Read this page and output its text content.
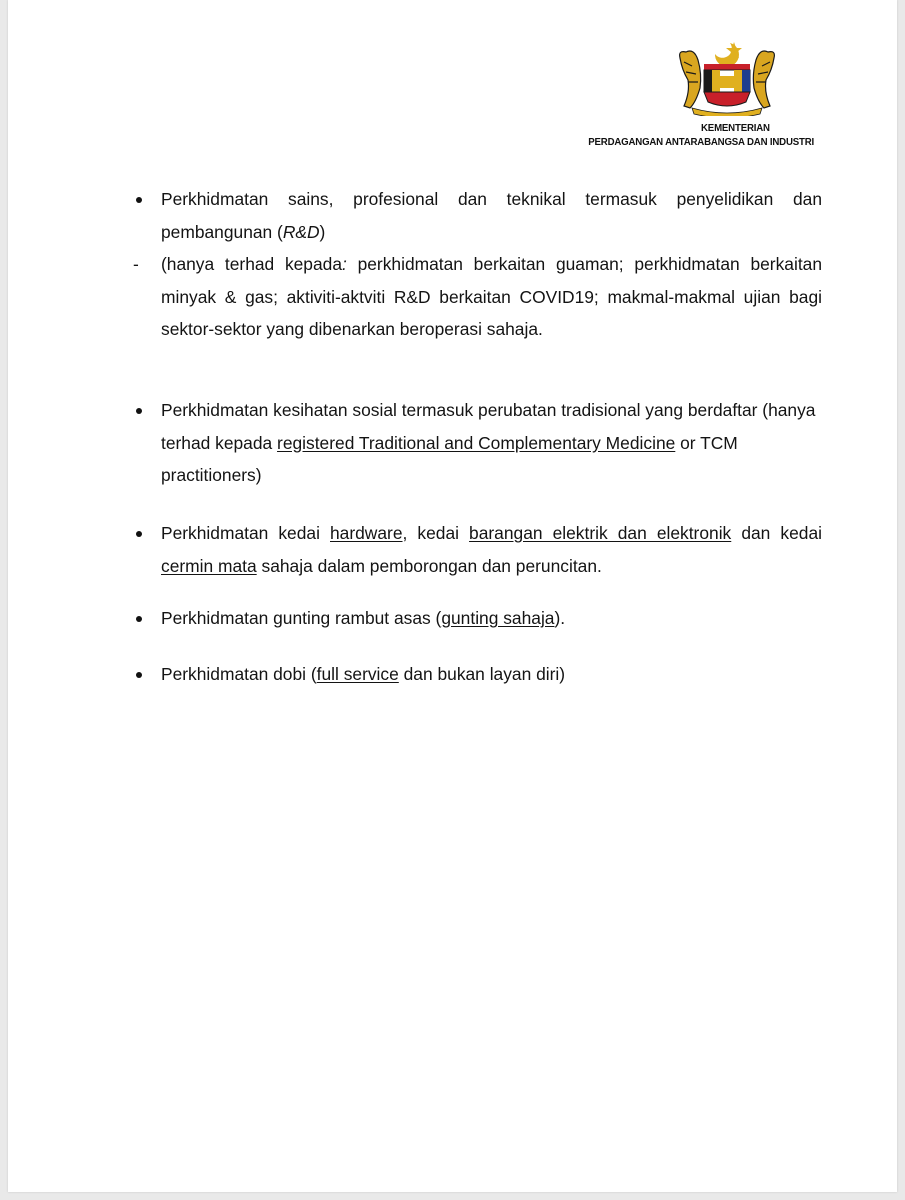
KEMENTERIAN
PERDAGANGAN ANTARABANGSA DAN INDUSTRI
Perkhidmatan sains, profesional dan teknikal termasuk penyelidikan dan
pembangunan (R&D)
- (hanya terhad kepada: perkhidmatan berkaitan guaman; perkhidmatan berkaitan minyak & gas; aktiviti-aktviti R&D berkaitan COVID19; makmal-makmal ujian bagi sektor-sektor yang dibenarkan beroperasi sahaja.
Perkhidmatan kesihatan sosial termasuk perubatan tradisional yang berdaftar (hanya terhad kepada registered Traditional and Complementary Medicine or TCM practitioners)
Perkhidmatan kedai hardware, kedai barangan elektrik dan elektronik dan kedai cermin mata sahaja dalam pemborongan dan peruncitan.
Perkhidmatan gunting rambut asas (gunting sahaja).
Perkhidmatan dobi (full service dan bukan layan diri)
